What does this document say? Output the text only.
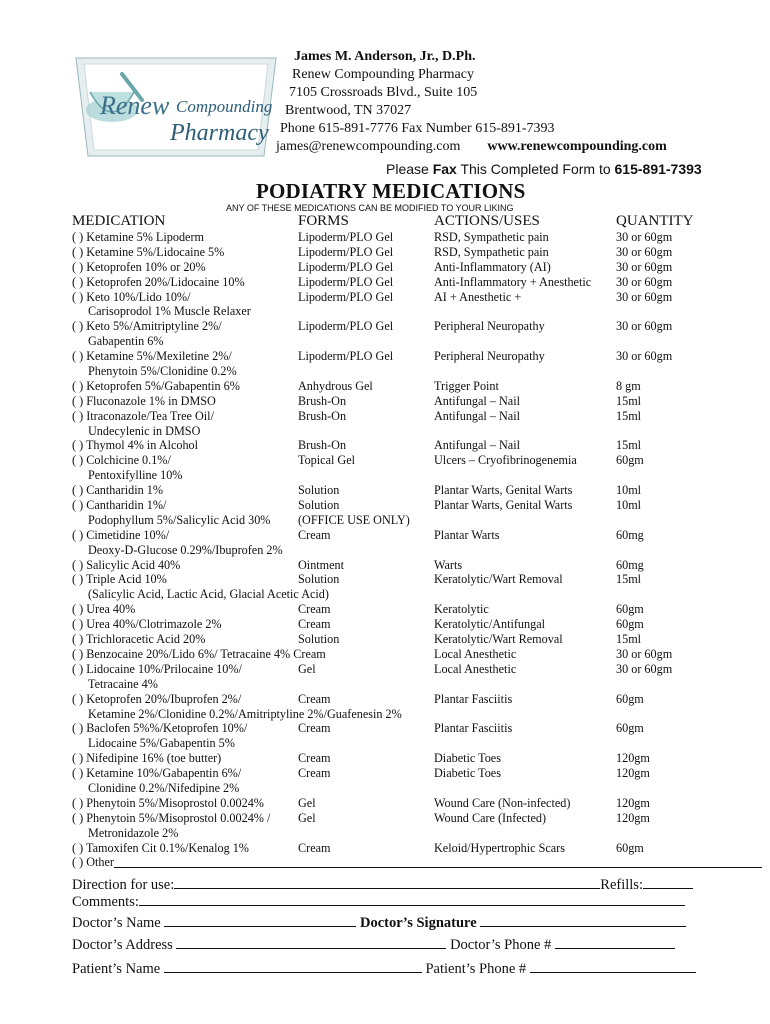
Renew Compounding
Pharmacy
James M. Anderson, Jr., D.Ph.
Renew Compounding Pharmacy
7105 Crossroads Blvd., Suite 105
Brentwood, TN 37027
Phone 615-891-7776 Fax Number 615-891-7393
james@renewcompounding.com www.renewcompounding.com
Please Fax This Completed Form to 615-891-7393
PODIATRY MEDICATIONS
ANY OF THESE MEDICATIONS CAN BE MODIFIED TO YOUR LIKING
MEDICATION	FORMS	ACTIONS/USES	QUANTITY
( ) Ketamine 5% Lipoderm	Lipoderm/PLO Gel	RSD, Sympathetic pain	30 or 60gm
( ) Ketamine 5%/Lidocaine 5%	Lipoderm/PLO Gel	RSD, Sympathetic pain	30 or 60gm
( ) Ketoprofen 10% or 20%	Lipoderm/PLO Gel	Anti-Inflammatory (AI)	30 or 60gm
( ) Ketoprofen 20%/Lidocaine 10%	Lipoderm/PLO Gel	Anti-Inflammatory + Anesthetic 30 or 60gm
( ) Keto 10%/Lido 10%/	Lipoderm/PLO Gel	AI + Anesthetic +	30 or 60gm
Carisoprodol 1% Muscle Relaxer
( ) Keto 5%/Amitriptyline 2%/	Lipoderm/PLO Gel	Peripheral Neuropathy	30 or 60gm
Gabapentin 6%
( ) Ketamine 5%/Mexiletine 2%/	Lipoderm/PLO Gel	Peripheral Neuropathy	30 or 60gm
Phenytoin 5%/Clonidine 0.2%
( ) Ketoprofen 5%/Gabapentin 6%	Anhydrous Gel	Trigger Point	8 gm
( ) Fluconazole 1% in DMSO	Brush-On	Antifungal – Nail	15ml
( ) Itraconazole/Tea Tree Oil/	Brush-On	Antifungal – Nail	15ml
Undecylenic in DMSO
( ) Thymol 4% in Alcohol	Brush-On	Antifungal – Nail	15ml
( ) Colchicine 0.1%/	Topical Gel	Ulcers – Cryofibrinogenemia	60gm
Pentoxifylline 10%
( ) Cantharidin 1%	Solution	Plantar Warts, Genital Warts	10ml
( ) Cantharidin 1%/	Solution	Plantar Warts, Genital Warts	10ml
Podophyllum 5%/Salicylic Acid 30% (OFFICE USE ONLY)
( ) Cimetidine 10%/	Cream	Plantar Warts	60mg
Deoxy-D-Glucose 0.29%/Ibuprofen 2%
( ) Salicylic Acid 40%	Ointment	Warts	60mg
( ) Triple Acid 10%	Solution	Keratolytic/Wart Removal	15ml
(Salicylic Acid, Lactic Acid, Glacial Acetic Acid)
( ) Urea 40%	Cream	Keratolytic	60gm
( ) Urea 40%/Clotrimazole 2%	Cream	Keratolytic/Antifungal	60gm
( ) Trichloracetic Acid 20%	Solution	Keratolytic/Wart Removal	15ml
( ) Benzocaine 20%/Lido 6%/ Tetracaine 4% Cream	Local Anesthetic	30 or 60gm
( ) Lidocaine 10%/Prilocaine 10%/	Gel	Local Anesthetic	30 or 60gm
Tetracaine 4%
( ) Ketoprofen 20%/Ibuprofen 2%/	Cream	Plantar Fasciitis	60gm
Ketamine 2%/Clonidine 0.2%/Amitriptyline 2%/Guafenesin 2%
( ) Baclofen 5%%/Ketoprofen 10%/	Cream	Plantar Fasciitis	60gm
Lidocaine 5%/Gabapentin 5%
( ) Nifedipine 16% (toe butter)	Cream	Diabetic Toes	120gm
( ) Ketamine 10%/Gabapentin 6%/	Cream	Diabetic Toes	120gm
Clonidine 0.2%/Nifedipine 2%
( ) Phenytoin 5%/Misoprostol 0.0024%	Gel	Wound Care (Non-infected)	120gm
( ) Phenytoin 5%/Misoprostol 0.0024% / Gel	Wound Care (Infected)	120gm
Metronidazole 2%
( ) Tamoxifen Cit 0.1%/Kenalog 1%	Cream	Keloid/Hypertrophic Scars	60gm
( ) Other
Direction for use:	Refills:
Comments:
Doctor’s Name	Doctor’s Signature
Doctor’s Address	Doctor’s Phone #
Patient’s Name	Patient’s Phone #
